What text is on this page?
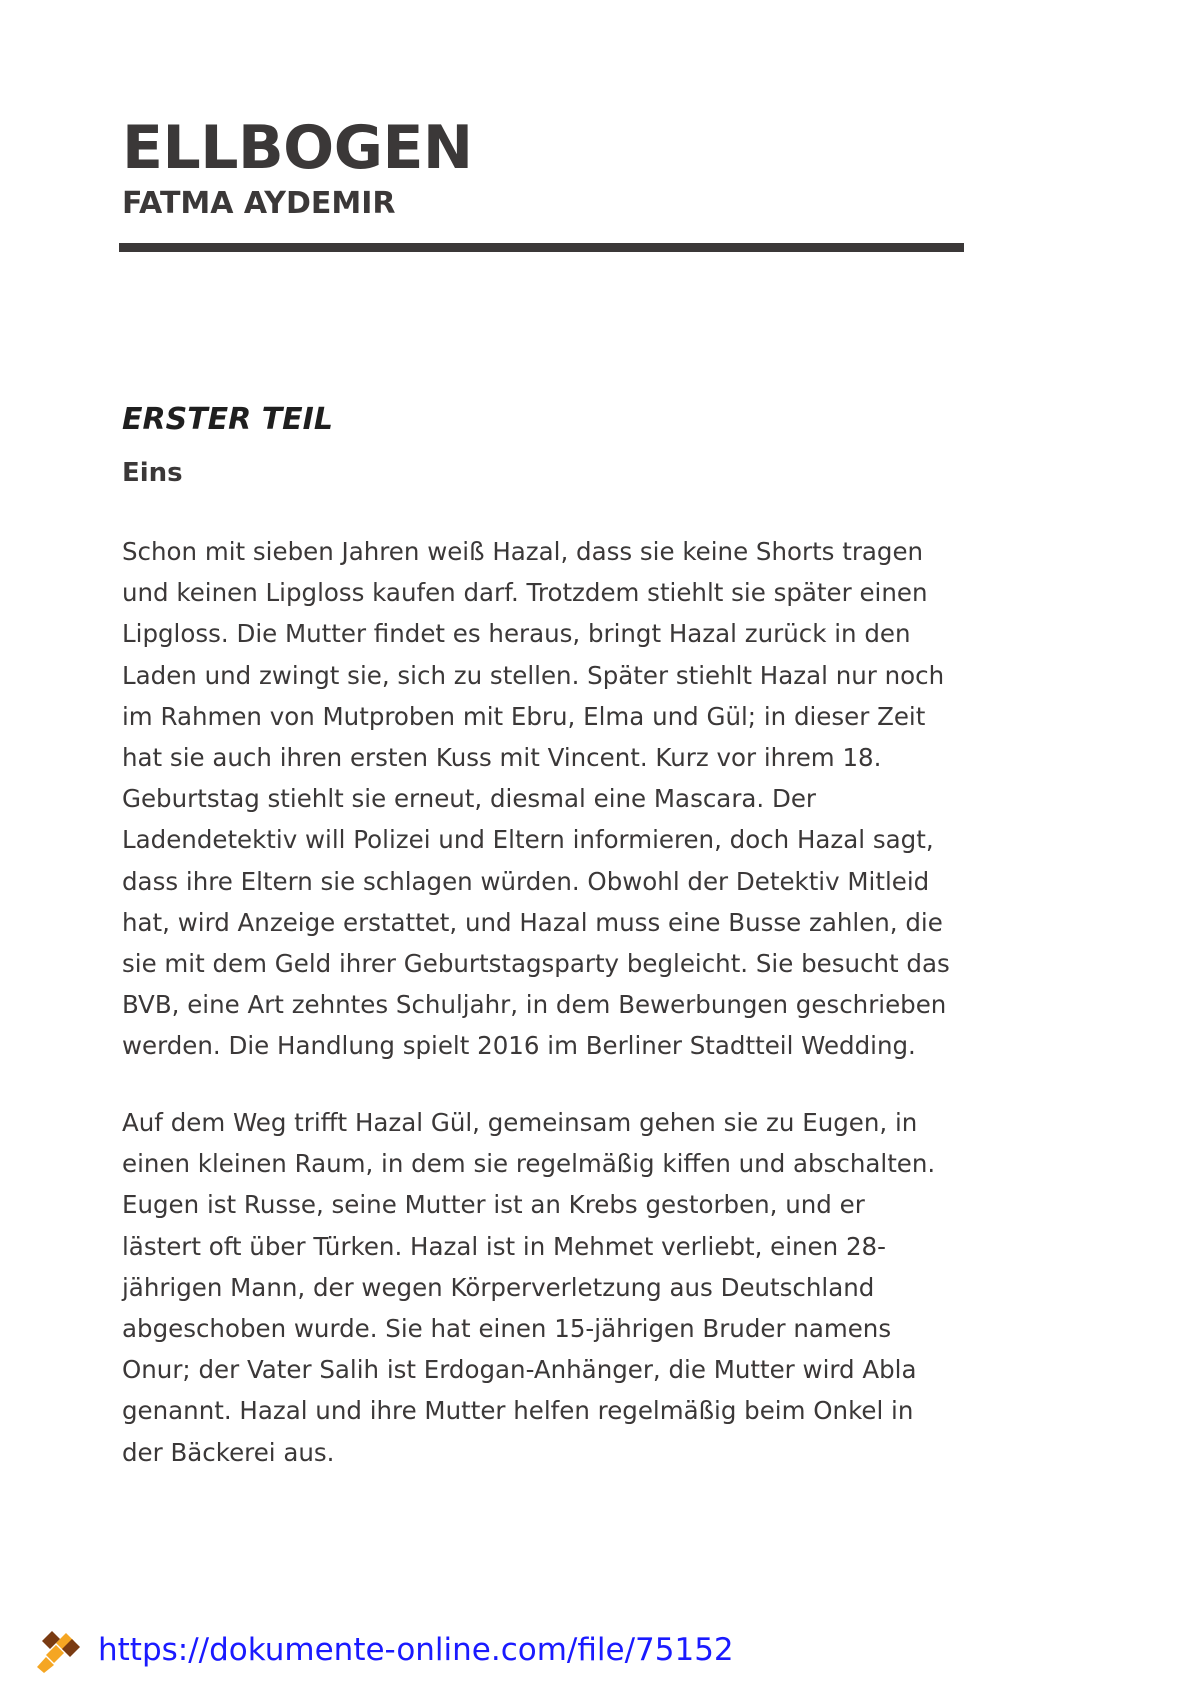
ELLBOGEN
FATMA AYDEMIR
ERSTER TEIL
Eins

Schon mit sieben Jahren weiß Hazal, dass sie keine Shorts tragen
und keinen Lipgloss kaufen darf. Trotzdem stiehlt sie später einen
Lipgloss. Die Mutter findet es heraus, bringt Hazal zurück in den
Laden und zwingt sie, sich zu stellen. Später stiehlt Hazal nur noch
im Rahmen von Mutproben mit Ebru, Elma und Gül; in dieser Zeit
hat sie auch ihren ersten Kuss mit Vincent. Kurz vor ihrem 18.
Geburtstag stiehlt sie erneut, diesmal eine Mascara. Der
Ladendetektiv will Polizei und Eltern informieren, doch Hazal sagt,
dass ihre Eltern sie schlagen würden. Obwohl der Detektiv Mitleid
hat, wird Anzeige erstattet, und Hazal muss eine Busse zahlen, die
sie mit dem Geld ihrer Geburtstagsparty begleicht. Sie besucht das
BVB, eine Art zehntes Schuljahr, in dem Bewerbungen geschrieben
werden. Die Handlung spielt 2016 im Berliner Stadtteil Wedding.

Auf dem Weg trifft Hazal Gül, gemeinsam gehen sie zu Eugen, in
einen kleinen Raum, in dem sie regelmäßig kiffen und abschalten.
Eugen ist Russe, seine Mutter ist an Krebs gestorben, und er
lästert oft über Türken. Hazal ist in Mehmet verliebt, einen 28-
jährigen Mann, der wegen Körperverletzung aus Deutschland
abgeschoben wurde. Sie hat einen 15-jährigen Bruder namens
Onur; der Vater Salih ist Erdogan-Anhänger, die Mutter wird Abla
genannt. Hazal und ihre Mutter helfen regelmäßig beim Onkel in
der Bäckerei aus.

https://dokumente-online.com/file/75152
